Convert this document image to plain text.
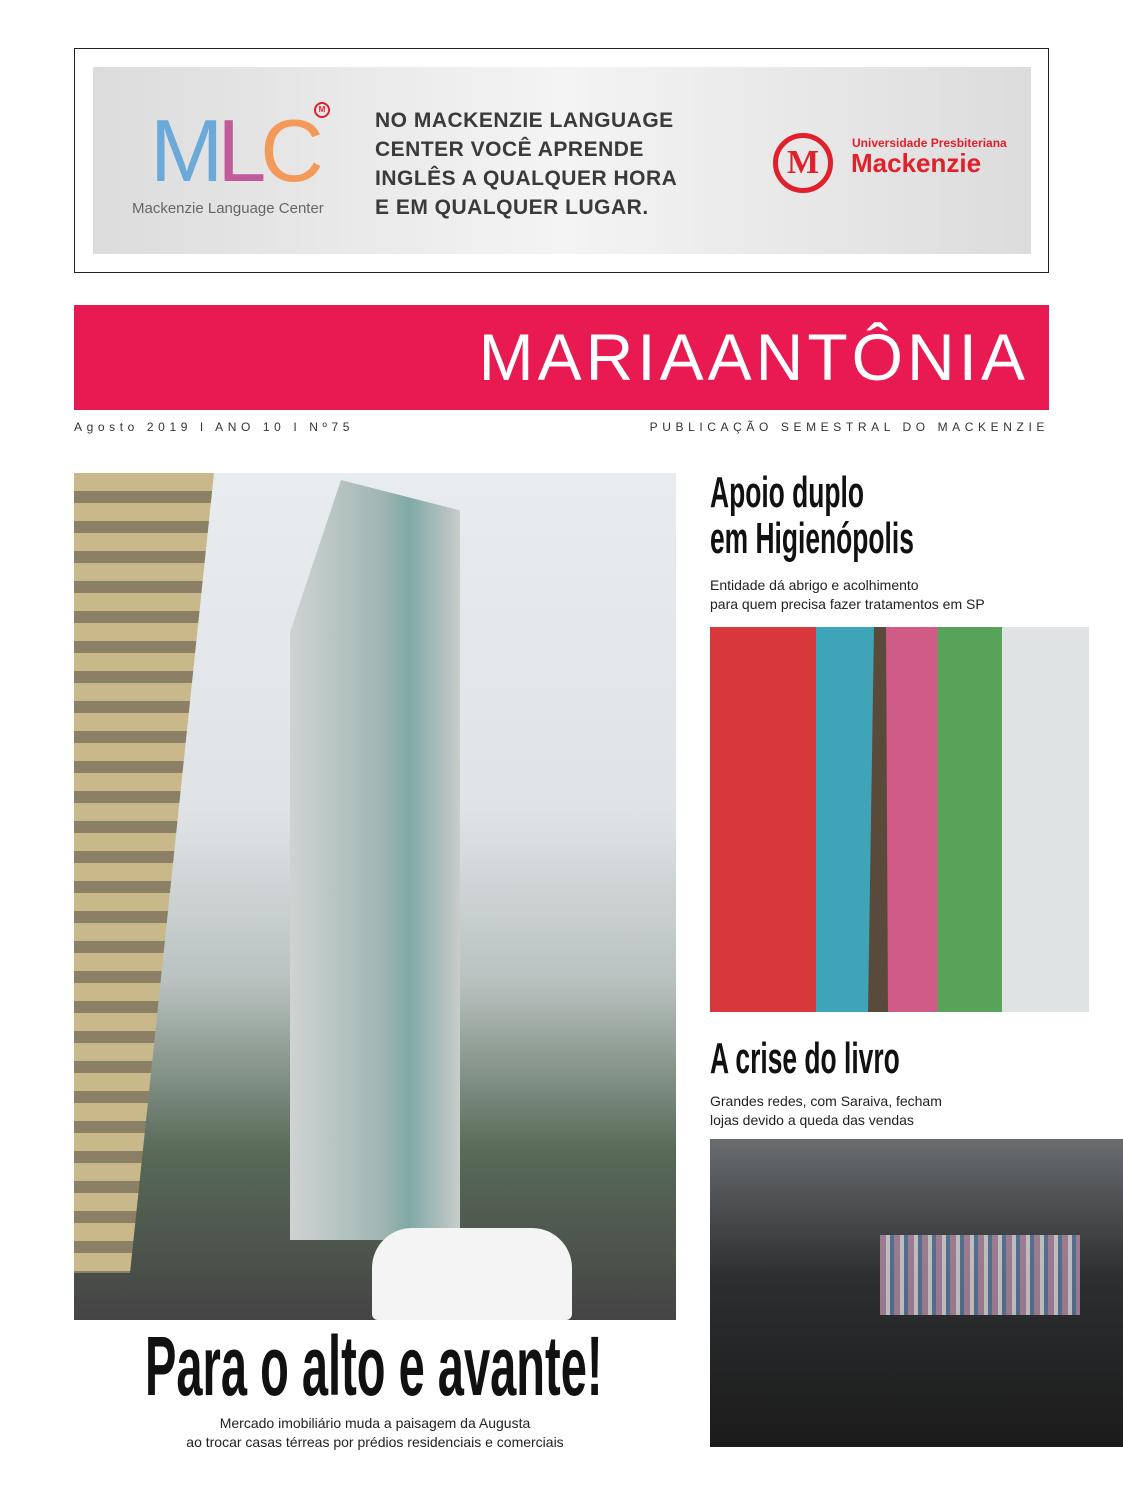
MLC M
Mackenzie Language Center
NO MACKENZIE LANGUAGE
CENTER VOCÊ APRENDE
INGLÊS A QUALQUER HORA
E EM QUALQUER LUGAR.
M
Universidade Presbiteriana
Mackenzie
MARIAANTÔNIA
Agosto 2019 I ANO 10 I Nº75	PUBLICAÇÃO SEMESTRAL DO MACKENZIE
Para o alto e avante!
Mercado imobiliário muda a paisagem da Augusta
ao trocar casas térreas por prédios residenciais e comerciais
Apoio duplo
em Higienópolis
Entidade dá abrigo e acolhimento
para quem precisa fazer tratamentos em SP
A crise do livro
Grandes redes, com Saraiva, fecham
lojas devido a queda das vendas
